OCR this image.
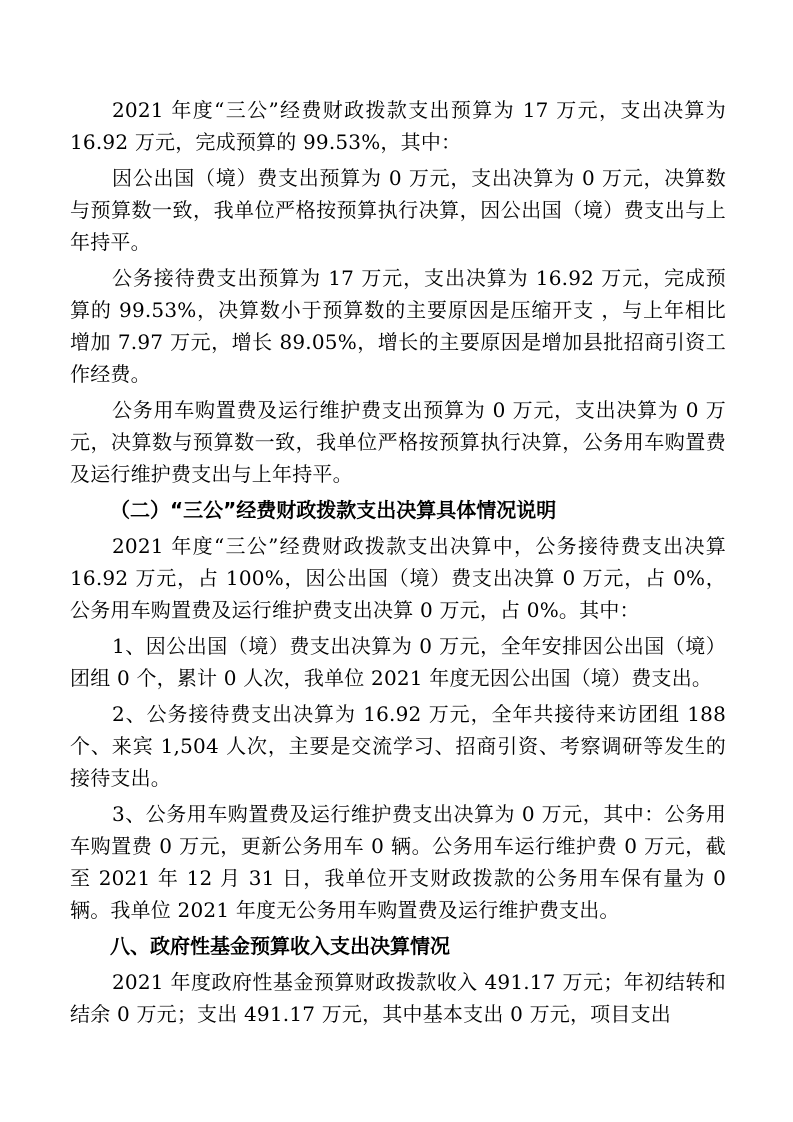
2021 年度“三公”经费财政拨款支出预算为 17 万元，支出决算为 16.92 万元，完成预算的 99.53%，其中：

因公出国（境）费支出预算为 0 万元，支出决算为 0 万元，决算数与预算数一致，我单位严格按预算执行决算，因公出国（境）费支出与上年持平。

公务接待费支出预算为 17 万元，支出决算为 16.92 万元，完成预算的 99.53%，决算数小于预算数的主要原因是压缩开支 ，与上年相比增加 7.97 万元，增长 89.05%，增长的主要原因是增加县批招商引资工作经费。

公务用车购置费及运行维护费支出预算为 0 万元，支出决算为 0 万元，决算数与预算数一致，我单位严格按预算执行决算，公务用车购置费及运行维护费支出与上年持平。

（二）“三公”经费财政拨款支出决算具体情况说明

2021 年度“三公”经费财政拨款支出决算中，公务接待费支出决算 16.92 万元，占 100%，因公出国（境）费支出决算 0 万元，占 0%，公务用车购置费及运行维护费支出决算 0 万元，占 0%。其中：

1、因公出国（境）费支出决算为 0 万元，全年安排因公出国（境）团组 0 个，累计 0 人次，我单位 2021 年度无因公出国（境）费支出。

2、公务接待费支出决算为 16.92 万元，全年共接待来访团组 188 个、来宾 1,504 人次，主要是交流学习、招商引资、考察调研等发生的接待支出。

3、公务用车购置费及运行维护费支出决算为 0 万元，其中：公务用车购置费 0 万元，更新公务用车 0 辆。公务用车运行维护费 0 万元，截至 2021 年 12 月 31 日，我单位开支财政拨款的公务用车保有量为 0 辆。我单位 2021 年度无公务用车购置费及运行维护费支出。

八、政府性基金预算收入支出决算情况

2021 年度政府性基金预算财政拨款收入 491.17 万元；年初结转和结余 0 万元；支出 491.17 万元，其中基本支出 0 万元，项目支出
